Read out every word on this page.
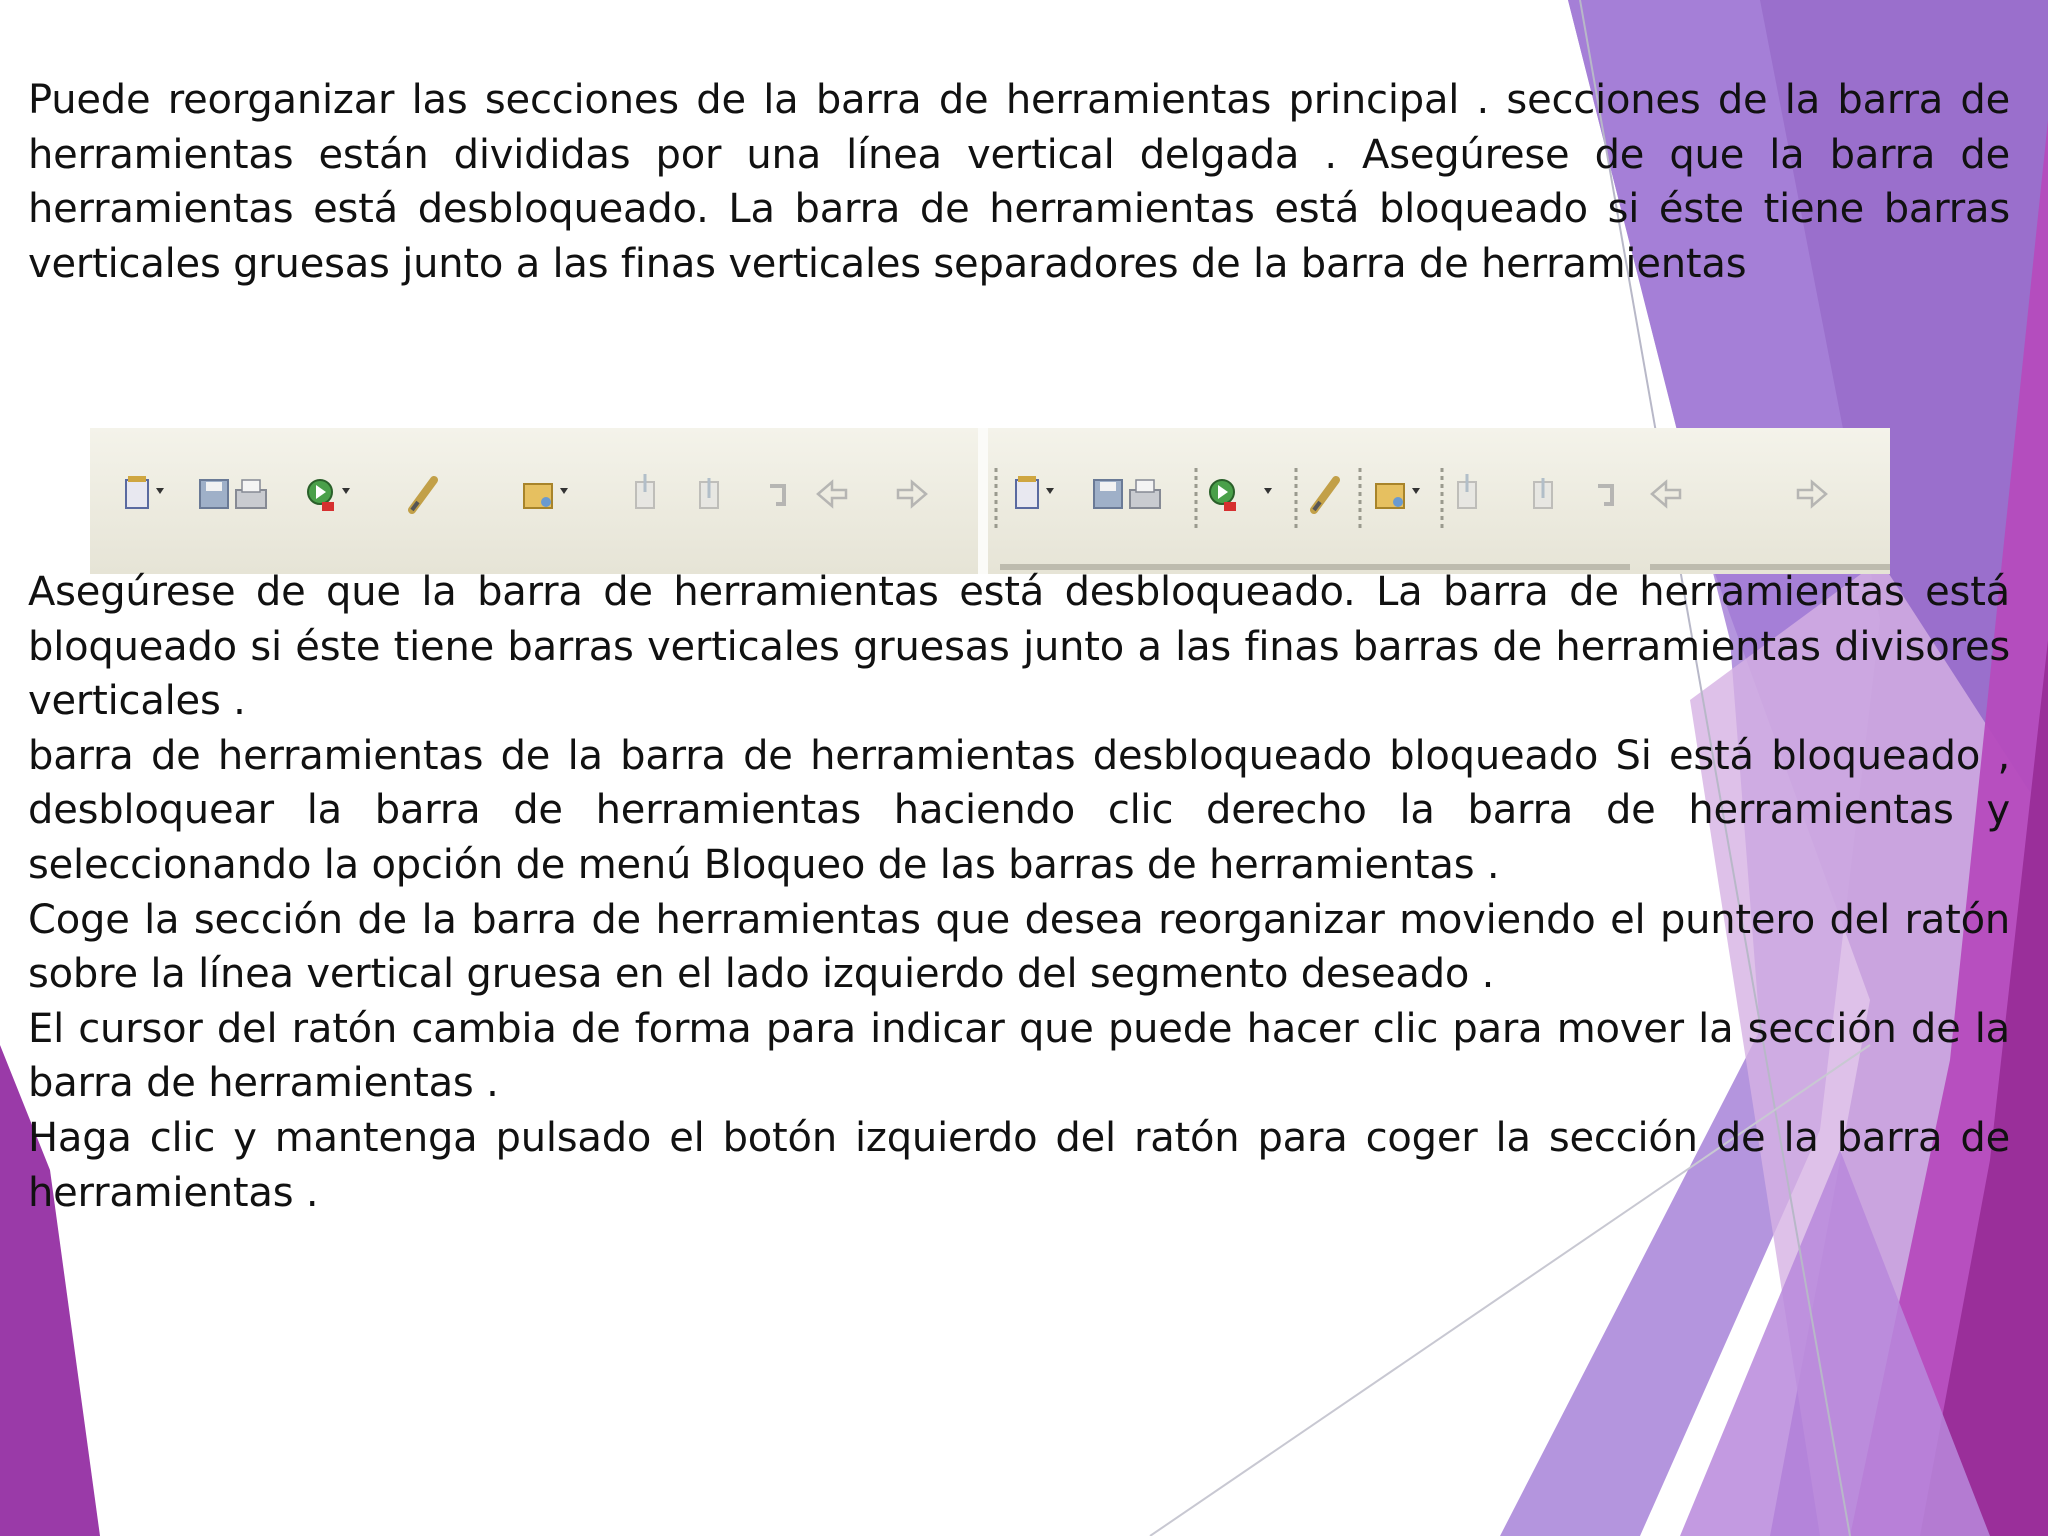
Puede reorganizar las secciones de la barra de herramientas principal . secciones de la barra de herramientas están divididas por una línea vertical delgada . Asegúrese de que la barra de herramientas está desbloqueado. La barra de herramientas está bloqueado si éste tiene barras verticales gruesas junto a las finas verticales separadores de la barra de herramientas

Asegúrese de que la barra de herramientas está desbloqueado. La barra de herramientas está bloqueado si éste tiene barras verticales gruesas junto a las finas barras de herramientas divisores verticales .

barra de herramientas de la barra de herramientas desbloqueado bloqueado Si está bloqueado , desbloquear la barra de herramientas haciendo clic derecho la barra de herramientas y seleccionando la opción de menú Bloqueo de las barras de herramientas .

Coge la sección de la barra de herramientas que desea reorganizar moviendo el puntero del ratón sobre la línea vertical gruesa en el lado izquierdo del segmento deseado .

El cursor del ratón cambia de forma para indicar que puede hacer clic para mover la sección de la barra de herramientas .

Haga clic y mantenga pulsado el botón izquierdo del ratón para coger la sección de la barra de herramientas .
